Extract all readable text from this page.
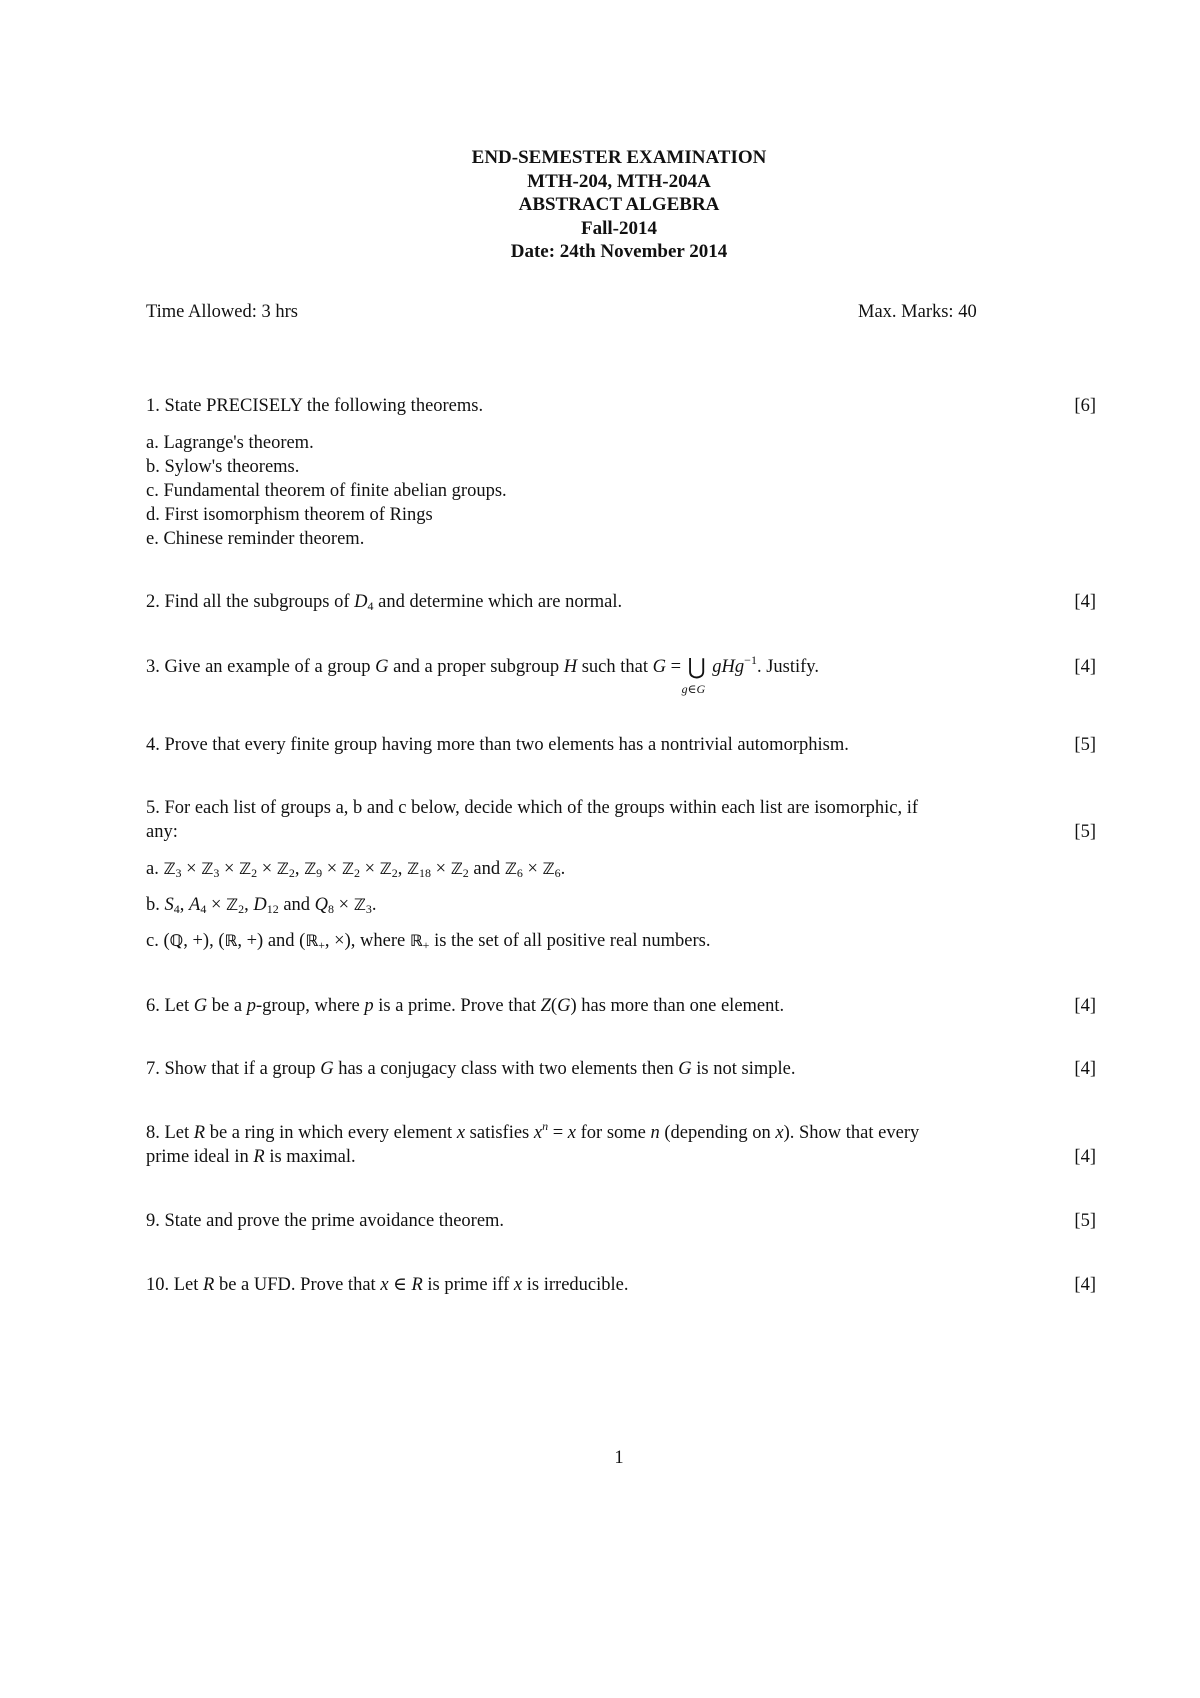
END-SEMESTER EXAMINATION
MTH-204, MTH-204A
ABSTRACT ALGEBRA
Fall-2014
Date: 24th November 2014
Time Allowed: 3 hrs	Max. Marks: 40
1. State PRECISELY the following theorems.	[6]
a. Lagrange's theorem.
b. Sylow's theorems.
c. Fundamental theorem of finite abelian groups.
d. First isomorphism theorem of Rings
e. Chinese reminder theorem.
2. Find all the subgroups of $D_4$ and determine which are normal.	[4]
3. Give an example of a group G and a proper subgroup H such that G = ⋃
g∈G
gHg$^{-1}$. Justify.	[4]
4. Prove that every finite group having more than two elements has a nontrivial automorphism.	[5]
5. For each list of groups a, b and c below, decide which of the groups within each list are isomorphic, if
any:	[5]
a. ℤ$_3$ × ℤ$_3$ × ℤ$_2$ × ℤ$_2$, ℤ$_9$ × ℤ$_2$ × ℤ$_2$, ℤ$_{18}$ × ℤ$_2$ and ℤ$_6$ × ℤ$_6$.
b. $S_4$, $A_4$ × ℤ$_2$, $D_{12}$ and $Q_8$ × ℤ$_3$.
c. (ℚ, +), (ℝ, +) and (ℝ$_+$, ×), where ℝ$_+$ is the set of all positive real numbers.
6. Let G be a p-group, where p is a prime. Prove that Z(G) has more than one element.	[4]
7. Show that if a group G has a conjugacy class with two elements then G is not simple.	[4]
8. Let R be a ring in which every element x satisfies $x^n = x$ for some n (depending on x). Show that every
prime ideal in R is maximal.	[4]
9. State and prove the prime avoidance theorem.	[5]
10. Let R be a UFD. Prove that x ∈ R is prime iff x is irreducible.	[4]
1
